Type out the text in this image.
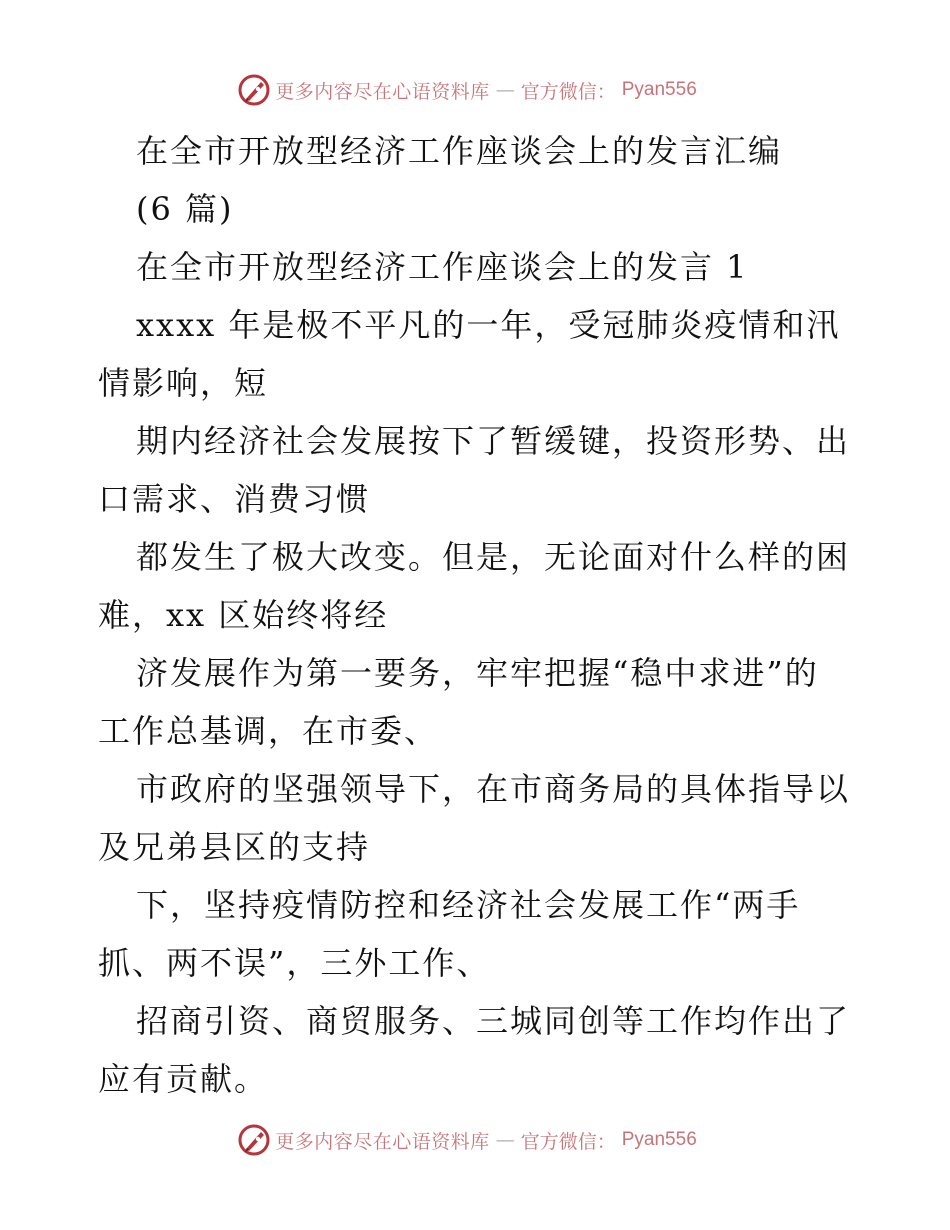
更多内容尽在心语资料库 — 官方微信： Pyan556
在全市开放型经济工作座谈会上的发言汇编
(6 篇)
在全市开放型经济工作座谈会上的发言 1
xxxx 年是极不平凡的一年，受冠肺炎疫情和汛
情影响，短
期内经济社会发展按下了暂缓键，投资形势、出
口需求、消费习惯
都发生了极大改变。但是，无论面对什么样的困
难，xx 区始终将经
济发展作为第一要务，牢牢把握“稳中求进”的
工作总基调，在市委、
市政府的坚强领导下，在市商务局的具体指导以
及兄弟县区的支持
下，坚持疫情防控和经济社会发展工作“两手
抓、两不误”，三外工作、
招商引资、商贸服务、三城同创等工作均作出了
应有贡献。
更多内容尽在心语资料库 — 官方微信： Pyan556
